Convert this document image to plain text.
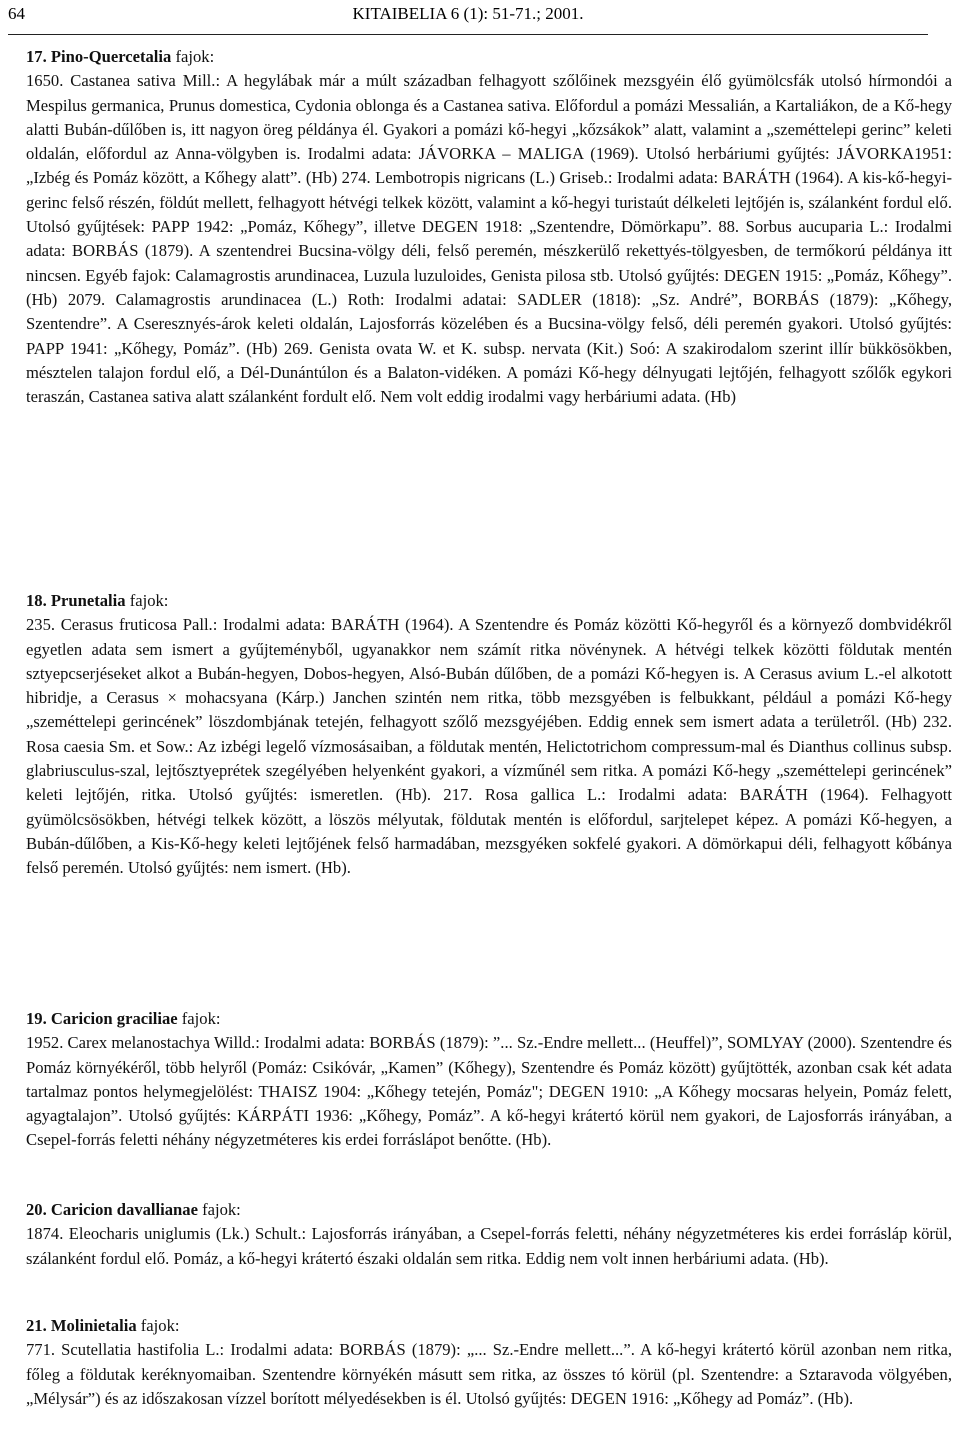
64	KITAIBELIA 6 (1): 51-71.; 2001.
17. Pino-Quercetalia fajok:

1650. Castanea sativa Mill.: A hegylábak már a múlt században felhagyott szőlőinek mezsgyéin élő gyümölcsfák utolsó hírmondói a Mespilus germanica, Prunus domestica, Cydonia oblonga és a Castanea sativa. Előfordul a pomázi Messalián, a Kartaliákon, de a Kő-hegy alatti Bubán-dűlőben is, itt nagyon öreg példánya él. Gyakori a pomázi kő-hegyi „kőzsákok” alatt, valamint a „szeméttelepi gerinc” keleti oldalán, előfordul az Anna-völgyben is. Irodalmi adata: JÁVORKA – MALIGA (1969). Utolsó herbáriumi gyűjtés: JÁVORKA1951: „Izbég és Pomáz között, a Kőhegy alatt”. (Hb) 274. Lembotropis nigricans (L.) Griseb.: Irodalmi adata: BARÁTH (1964). A kis-kő-hegyi-gerinc felső részén, földút mellett, felhagyott hétvégi telkek között, valamint a kő-hegyi turistaút délkeleti lejtőjén is, szálanként fordul elő. Utolsó gyűjtések: PAPP 1942: „Pomáz, Kőhegy”, illetve DEGEN 1918: „Szentendre, Dömörkapu”. 88. Sorbus aucuparia L.: Irodalmi adata: BORBÁS (1879). A szentendrei Bucsina-völgy déli, felső peremén, mészkerülő rekettyés-tölgyesben, de termőkorú példánya itt nincsen. Egyéb fajok: Calamagrostis arundinacea, Luzula luzuloides, Genista pilosa stb. Utolsó gyűjtés: DEGEN 1915: „Pomáz, Kőhegy”. (Hb) 2079. Calamagrostis arundinacea (L.) Roth: Irodalmi adatai: SADLER (1818): „Sz. André”, BORBÁS (1879): „Kőhegy, Szentendre”. A Cseresznyés-árok keleti oldalán, Lajosforrás közelében és a Bucsina-völgy felső, déli peremén gyakori. Utolsó gyűjtés: PAPP 1941: „Kőhegy, Pomáz”. (Hb) 269. Genista ovata W. et K. subsp. nervata (Kit.) Soó: A szakirodalom szerint illír bükkösökben, mésztelen talajon fordul elő, a Dél-Dunántúlon és a Balaton-vidéken. A pomázi Kő-hegy délnyugati lejtőjén, felhagyott szőlők egykori teraszán, Castanea sativa alatt szálanként fordult elő. Nem volt eddig irodalmi vagy herbáriumi adata. (Hb)

18. Prunetalia fajok:

235. Cerasus fruticosa Pall.: Irodalmi adata: BARÁTH (1964). A Szentendre és Pomáz közötti Kő-hegyről és a környező dombvidékről egyetlen adata sem ismert a gyűjteményből, ugyanakkor nem számít ritka növénynek. A hétvégi telkek közötti földutak mentén sztyepcserjéseket alkot a Bubán-hegyen, Dobos-hegyen, Alsó-Bubán dűlőben, de a pomázi Kő-hegyen is. A Cerasus avium L.-el alkotott hibridje, a Cerasus × mohacsyana (Kárp.) Janchen szintén nem ritka, több mezsgyében is felbukkant, például a pomázi Kő-hegy „szeméttelepi gerincének” löszdombjának tetején, felhagyott szőlő mezsgyéjében. Eddig ennek sem ismert adata a területről. (Hb) 232. Rosa caesia Sm. et Sow.: Az izbégi legelő vízmosásaiban, a földutak mentén, Helictotrichom compressum-mal és Dianthus collinus subsp. glabriusculus-szal, lejtősztyeprétek szegélyében helyenként gyakori, a vízműnél sem ritka. A pomázi Kő-hegy „szeméttelepi gerincének” keleti lejtőjén, ritka. Utolsó gyűjtés: ismeretlen. (Hb). 217. Rosa gallica L.: Irodalmi adata: BARÁTH (1964). Felhagyott gyümölcsösökben, hétvégi telkek között, a löszös mélyutak, földutak mentén is előfordul, sarjtelepet képez. A pomázi Kő-hegyen, a Bubán-dűlőben, a Kis-Kő-hegy keleti lejtőjének felső harmadában, mezsgyéken sokfelé gyakori. A dömörkapui déli, felhagyott kőbánya felső peremén. Utolsó gyűjtés: nem ismert. (Hb).

19. Caricion graciliae fajok:

1952. Carex melanostachya Willd.: Irodalmi adata: BORBÁS (1879): ”... Sz.-Endre mellett... (Heuffel)”, SOMLYAY (2000). Szentendre és Pomáz környékéről, több helyről (Pomáz: Csikóvár, „Kamen” (Kőhegy), Szentendre és Pomáz között) gyűjtötték, azonban csak két adata tartalmaz pontos helymegjelölést: THAISZ 1904: „Kőhegy tetején, Pomáz"; DEGEN 1910: „A Kőhegy mocsaras helyein, Pomáz felett, agyagtalajon”. Utolsó gyűjtés: KÁRPÁTI 1936: „Kőhegy, Pomáz”. A kő-hegyi krátertó körül nem gyakori, de Lajosforrás irányában, a Csepel-forrás feletti néhány négyzetméteres kis erdei forráslápot benőtte. (Hb).

20. Caricion davallianae fajok:

1874. Eleocharis uniglumis (Lk.) Schult.: Lajosforrás irányában, a Csepel-forrás feletti, néhány négyzetméteres kis erdei forrásláp körül, szálanként fordul elő. Pomáz, a kő-hegyi krátertó északi oldalán sem ritka. Eddig nem volt innen herbáriumi adata. (Hb).

21. Molinietalia fajok:

771. Scutellatia hastifolia L.: Irodalmi adata: BORBÁS (1879): „... Sz.-Endre mellett...”. A kő-hegyi krátertó körül azonban nem ritka, főleg a földutak keréknyomaiban. Szentendre környékén másutt sem ritka, az összes tó körül (pl. Szentendre: a Sztaravoda völgyében, „Mélysár”) és az időszakosan vízzel borított mélyedésekben is él. Utolsó gyűjtés: DEGEN 1916: „Kőhegy ad Pomáz”. (Hb).
